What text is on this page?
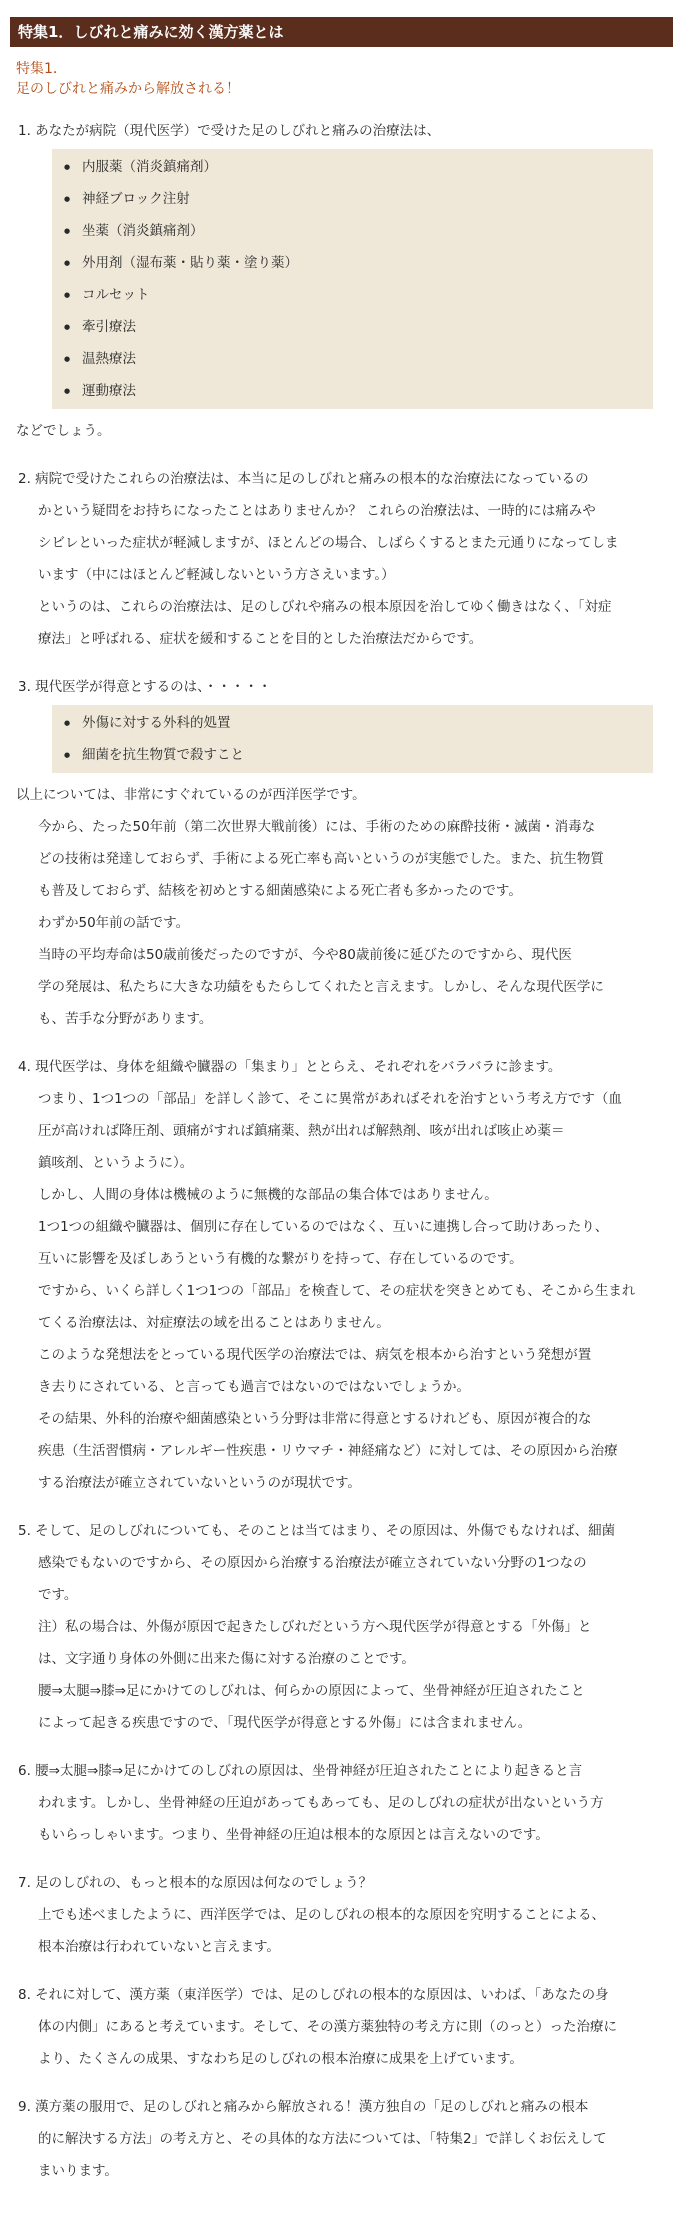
特集1．しびれと痛みに効く漢方薬とは
特集1．
足のしびれと痛みから解放される！
1. あなたが病院（現代医学）で受けた足のしびれと痛みの治療法は、
● 内服薬（消炎鎮痛剤）
● 神経ブロック注射
● 坐薬（消炎鎮痛剤）
● 外用剤（湿布薬・貼り薬・塗り薬）
● コルセット
● 牽引療法
● 温熱療法
● 運動療法
などでしょう。
2. 病院で受けたこれらの治療法は、本当に足のしびれと痛みの根本的な治療法になっているの
かという疑問をお持ちになったことはありませんか？ これらの治療法は、一時的には痛みや
シビレといった症状が軽減しますが、ほとんどの場合、しばらくするとまた元通りになってしま
います（中にはほとんど軽減しないという方さえいます。）
というのは、これらの治療法は、足のしびれや痛みの根本原因を治してゆく働きはなく、「対症
療法」と呼ばれる、症状を緩和することを目的とした治療法だからです。
3. 現代医学が得意とするのは、・・・・・
● 外傷に対する外科的処置
● 細菌を抗生物質で殺すこと
以上については、非常にすぐれているのが西洋医学です。
今から、たった50年前（第二次世界大戦前後）には、手術のための麻酔技術・滅菌・消毒な
どの技術は発達しておらず、手術による死亡率も高いというのが実態でした。また、抗生物質
も普及しておらず、結核を初めとする細菌感染による死亡者も多かったのです。
わずか50年前の話です。
当時の平均寿命は50歳前後だったのですが、今や80歳前後に延びたのですから、現代医
学の発展は、私たちに大きな功績をもたらしてくれたと言えます。しかし、そんな現代医学に
も、苦手な分野があります。
4. 現代医学は、身体を組織や臓器の「集まり」ととらえ、それぞれをバラバラに診ます。
つまり、1つ1つの「部品」を詳しく診て、そこに異常があればそれを治すという考え方です（血
圧が高ければ降圧剤、頭痛がすれば鎮痛薬、熱が出れば解熱剤、咳が出れば咳止め薬＝
鎮咳剤、というように）。
しかし、人間の身体は機械のように無機的な部品の集合体ではありません。
1つ1つの組織や臓器は、個別に存在しているのではなく、互いに連携し合って助けあったり、
互いに影響を及ぼしあうという有機的な繋がりを持って、存在しているのです。
ですから、いくら詳しく1つ1つの「部品」を検査して、その症状を突きとめても、そこから生まれ
てくる治療法は、対症療法の域を出ることはありません。
このような発想法をとっている現代医学の治療法では、病気を根本から治すという発想が置
き去りにされている、と言っても過言ではないのではないでしょうか。
その結果、外科的治療や細菌感染という分野は非常に得意とするけれども、原因が複合的な
疾患（生活習慣病・アレルギー性疾患・リウマチ・神経痛など）に対しては、その原因から治療
する治療法が確立されていないというのが現状です。
5. そして、足のしびれについても、そのことは当てはまり、その原因は、外傷でもなければ、細菌
感染でもないのですから、その原因から治療する治療法が確立されていない分野の1つなの
です。
注）私の場合は、外傷が原因で起きたしびれだという方へ現代医学が得意とする「外傷」と
は、文字通り身体の外側に出来た傷に対する治療のことです。
腰⇒太腿⇒膝⇒足にかけてのしびれは、何らかの原因によって、坐骨神経が圧迫されたこと
によって起きる疾患ですので、「現代医学が得意とする外傷」には含まれません。
6. 腰⇒太腿⇒膝⇒足にかけてのしびれの原因は、坐骨神経が圧迫されたことにより起きると言
われます。しかし、坐骨神経の圧迫があってもあっても、足のしびれの症状が出ないという方
もいらっしゃいます。つまり、坐骨神経の圧迫は根本的な原因とは言えないのです。
7. 足のしびれの、もっと根本的な原因は何なのでしょう？
上でも述べましたように、西洋医学では、足のしびれの根本的な原因を究明することによる、
根本治療は行われていないと言えます。
8. それに対して、漢方薬（東洋医学）では、足のしびれの根本的な原因は、いわば、「あなたの身
体の内側」にあると考えています。そして、その漢方薬独特の考え方に則（のっと）った治療に
より、たくさんの成果、すなわち足のしびれの根本治療に成果を上げています。
9. 漢方薬の服用で、足のしびれと痛みから解放される！漢方独自の「足のしびれと痛みの根本
的に解決する方法」の考え方と、その具体的な方法については、「特集2」で詳しくお伝えして
まいります。
